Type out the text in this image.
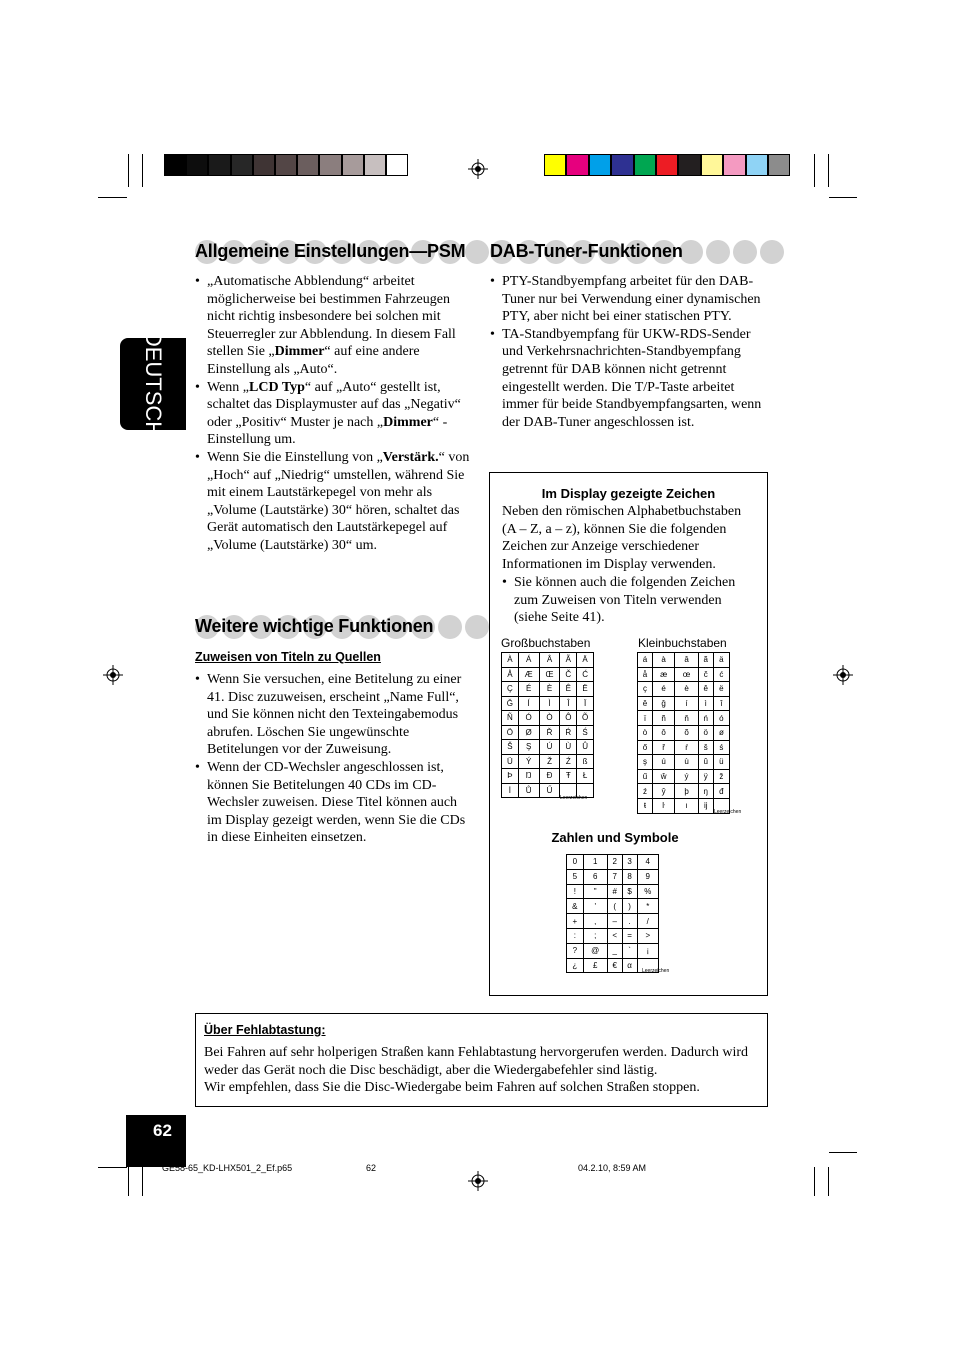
DEUTSCH
Allgemeine Einstellungen—PSM
• „Automatische Abblendung“ arbeitet möglicherweise bei bestimmen Fahrzeugen nicht richtig insbesondere bei solchen mit Steuerregler zur Abblendung. In diesem Fall stellen Sie „Dimmer“ auf eine andere Einstellung als „Auto“.
• Wenn „LCD Typ“ auf „Auto“ gestellt ist, schaltet das Displaymuster auf das „Negativ“ oder „Positiv“ Muster je nach „Dimmer“ -Einstellung um.
• Wenn Sie die Einstellung von „Verstärk.“ von „Hoch“ auf „Niedrig“ umstellen, während Sie mit einem Lautstärkepegel von mehr als „Volume (Lautstärke) 30“ hören, schaltet das Gerät automatisch den Lautstärkepegel auf „Volume (Lautstärke) 30“ um.
Weitere wichtige Funktionen
Zuweisen von Titeln zu Quellen
• Wenn Sie versuchen, eine Betitelung zu einer 41. Disc zuzuweisen, erscheint „Name Full“, und Sie können nicht den Texteingabemodus abrufen. Löschen Sie ungewünschte Betitelungen vor der Zuweisung.
• Wenn der CD-Wechsler angeschlossen ist, können Sie Betitelungen 40 CDs im CD-Wechsler zuweisen. Diese Titel können auch im Display gezeigt werden, wenn Sie die CDs in diese Einheiten einsetzen.
DAB-Tuner-Funktionen
• PTY-Standbyempfang arbeitet für den DAB-Tuner nur bei Verwendung einer dynamischen PTY, aber nicht bei einer statischen PTY.
• TA-Standbyempfang für UKW-RDS-Sender und Verkehrsnachrichten-Standbyempfang getrennt für DAB können nicht getrennt eingestellt werden. Die T/P-Taste arbeitet immer für beide Standbyempfangsarten, wenn der DAB-Tuner angeschlossen ist.
Im Display gezeigte Zeichen
Neben den römischen Alphabetbuchstaben (A – Z, a – z), können Sie die folgenden Zeichen zur Anzeige verschiedener Informationen im Display verwenden.
• Sie können auch die folgenden Zeichen zum Zuweisen von Titeln verwenden (siehe Seite 41).
Großbuchstaben	Kleinbuchstaben
À	Á	Â	Ã	Ä
Å	Æ	Œ	Č	Ć
Ç	É	È	Ê	Ë
Ğ	Í	Ì	Î	Ï
Ñ	Ó	Ò	Ô	Õ
Ö	Ø	Ř	Ŕ	Ś
Š	Ş	Ú	Ù	Û
Ü	Ý	Ž	Ź	ß
Þ	Ŋ	Ð	Ŧ	Ł
İ	Ů	Ű		
á	à	â	ã	ä
å	æ	œ	č	ć
ç	é	è	ê	ë
ě	ğ	í	ì	î
ï	ñ	ň	ń	ó
ò	ô	õ	ö	ø
ő	ř	ŕ	š	ś
ş	ú	ù	û	ü
ű	ŵ	ý	ÿ	ž
ź	ŷ	þ	ŋ	đ
ŧ	ŀ	ı	ĳ	
Leerzeichen
Leerzeichen
Zahlen und Symbole
0	1	2	3	4
5	6	7	8	9
!	"	#	$	%
&	'	(	)	*
+	,	–	.	/
:	;	<	=	>
?	@	_	`	¡
¿	£	€	α	
Leerzeichen
Über Fehlabtastung:
Bei Fahren auf sehr holperigen Straßen kann Fehlabtastung hervorgerufen werden. Dadurch wird weder das Gerät noch die Disc beschädigt, aber die Wiedergabefehler sind lästig.
Wir empfehlen, dass Sie die Disc-Wiedergabe beim Fahren auf solchen Straßen stoppen.
62
GE58-65_KD-LHX501_2_Ef.p65	62	04.2.10, 8:59 AM
